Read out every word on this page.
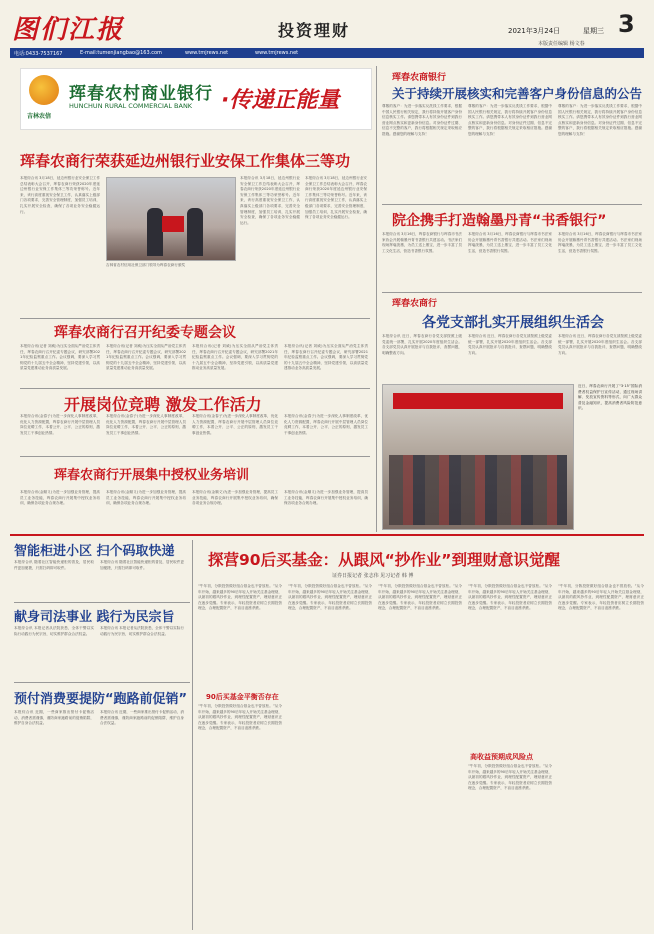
图们江报	投资理财	2021年3月24日	星期三 3
本版责任编辑 杨文春
电话:0433-7537167	E-mail:tumenjiangbao@163.com	www.tmjrews.net	www.tmjrews.net
吉林农信
珲春农村商业银行
HUNCHUN RURAL COMMERCIAL BANK ·传递正能量
珲春农商行荣获延边州银行业安保工作集体三等功
本报综合讯 3月18日，延边州银行业安全保卫工作总结表彰大会召开，珲春农商行荣获2020年度延边州银行业安保工作集体三等功荣誉称号。近年来，该行高度重视安全保卫工作，认真落实上级部门各项要求，完善安全管理制度，加强员工培训，扎实开展安全检查，确保了各项业务安全稳健运行。
吉林省农村信用社保卫部门领导为珲春农商行颁奖
本报综合讯 3月18日，延边州银行业安全保卫工作总结表彰大会召开，珲春农商行荣获2020年度延边州银行业安保工作集体三等功荣誉称号。近年来，该行高度重视安全保卫工作，认真落实上级部门各项要求，完善安全管理制度，加强员工培训，扎实开展安全检查，确保了各项业务安全稳健运行。
本报综合讯 3月18日，延边州银行业安全保卫工作总结表彰大会召开，珲春农商行荣获2020年度延边州银行业安保工作集体三等功荣誉称号。近年来，该行高度重视安全保卫工作，认真落实上级部门各项要求，完善安全管理制度，加强员工培训，扎实开展安全检查，确保了各项业务安全稳健运行。
珲春农商行召开纪委专题会议
本报综合讯(记者 刘威)为压实全面从严治党主体责任，珲春农商行召开纪委专题会议，研究部署2021年纪检监察重点工作。会议强调，要深入学习贯彻党的十九届五中全会精神，坚持党建引领，以高质量党建推动业务高质量发展。
本报综合讯(记者 刘威)为压实全面从严治党主体责任，珲春农商行召开纪委专题会议，研究部署2021年纪检监察重点工作。会议强调，要深入学习贯彻党的十九届五中全会精神，坚持党建引领，以高质量党建推动业务高质量发展。
本报综合讯(记者 刘威)为压实全面从严治党主体责任，珲春农商行召开纪委专题会议，研究部署2021年纪检监察重点工作。会议强调，要深入学习贯彻党的十九届五中全会精神，坚持党建引领，以高质量党建推动业务高质量发展。
本报综合讯(记者 刘威)为压实全面从严治党主体责任，珲春农商行召开纪委专题会议，研究部署2021年纪检监察重点工作。会议强调，要深入学习贯彻党的十九届五中全会精神，坚持党建引领，以高质量党建推动业务高质量发展。
开展岗位竞聘 激发工作活力
本报综合讯(金春子)为进一步深化人事制度改革，优化人力资源配置，珲春农商行开展中层管理人员岗位竞聘工作，本着公开、公平、公正的原则，激发员工干事创业热情。
本报综合讯(金春子)为进一步深化人事制度改革，优化人力资源配置，珲春农商行开展中层管理人员岗位竞聘工作，本着公开、公平、公正的原则，激发员工干事创业热情。
本报综合讯(金春子)为进一步深化人事制度改革，优化人力资源配置，珲春农商行开展中层管理人员岗位竞聘工作，本着公开、公平、公正的原则，激发员工干事创业热情。
本报综合讯(金春子)为进一步深化人事制度改革，优化人力资源配置，珲春农商行开展中层管理人员岗位竞聘工作，本着公开、公平、公正的原则，激发员工干事创业热情。
珲春农商行开展集中授权业务培训
本报综合讯(金顺义)为进一步加强业务管理，提高员工业务技能，珲春农商行开展集中授权业务培训，确保各项业务合规办理。
本报综合讯(金顺义)为进一步加强业务管理，提高员工业务技能，珲春农商行开展集中授权业务培训，确保各项业务合规办理。
本报综合讯(金顺义)为进一步加强业务管理，提高员工业务技能，珲春农商行开展集中授权业务培训，确保各项业务合规办理。
本报综合讯(金顺义)为进一步加强业务管理，提高员工业务技能，珲春农商行开展集中授权业务培训，确保各项业务合规办理。
珲春农商银行
关于持续开展核实和完善客户身份信息的公告
尊敬的客户：为进一步落实反洗钱工作要求，根据中国人民银行相关规定，我行将持续开展客户身份信息核实工作。请您携带本人有效身份证件到我行营业网点核实和更新身份信息。对身份证件过期、信息不完整的客户，我行将根据相关规定采取相应措施。感谢您的理解与支持！
尊敬的客户：为进一步落实反洗钱工作要求，根据中国人民银行相关规定，我行将持续开展客户身份信息核实工作。请您携带本人有效身份证件到我行营业网点核实和更新身份信息。对身份证件过期、信息不完整的客户，我行将根据相关规定采取相应措施。感谢您的理解与支持！
尊敬的客户：为进一步落实反洗钱工作要求，根据中国人民银行相关规定，我行将持续开展客户身份信息核实工作。请您携带本人有效身份证件到我行营业网点核实和更新身份信息。对身份证件过期、信息不完整的客户，我行将根据相关规定采取相应措施。感谢您的理解与支持！
院企携手打造翰墨丹青“书香银行”
本报综合讯 3月16日，珲春农商银行与珲春市书法家协会开展翰墨丹青书香银行共建活动。书法家们现场挥毫泼墨，为员工送上墨宝，进一步丰富了员工文化生活，营造书香银行氛围。
本报综合讯 3月16日，珲春农商银行与珲春市书法家协会开展翰墨丹青书香银行共建活动。书法家们现场挥毫泼墨，为员工送上墨宝，进一步丰富了员工文化生活，营造书香银行氛围。
本报综合讯 3月16日，珲春农商银行与珲春市书法家协会开展翰墨丹青书香银行共建活动。书法家们现场挥毫泼墨，为员工送上墨宝，进一步丰富了员工文化生活，营造书香银行氛围。
珲春农商行
各党支部扎实开展组织生活会
本报综合讯 近日，珲春农商行各党支部按照上级党委统一部署，扎实开展2020年度组织生活会。各支部党员认真开展批评与自我批评，查摆问题，明确整改方向。
本报综合讯 近日，珲春农商行各党支部按照上级党委统一部署，扎实开展2020年度组织生活会。各支部党员认真开展批评与自我批评，查摆问题，明确整改方向。
本报综合讯 近日，珲春农商行各党支部按照上级党委统一部署，扎实开展2020年度组织生活会。各支部党员认真开展批评与自我批评，查摆问题，明确整改方向。
近日，珲春农商行开展了“3·15”国际消费者权益保护日宣传活动，通过现场讲解、发放宣传资料等形式，向广大群众普及金融知识，提高消费者风险防范意识。
智能柜进小区 扫个码取快递
本报综合讯 随着社区智能快递柜的普及，居民取件更加便捷，只需扫码即可取件。
本报综合讯 随着社区智能快递柜的普及，居民取件更加便捷，只需扫码即可取件。
献身司法事业 践行为民宗旨
本报综合讯 本报记者从法院获悉，全体干警以实际行动践行为民宗旨，切实维护群众合法权益。
本报综合讯 本报记者从法院获悉，全体干警以实际行动践行为民宗旨，切实维护群众合法权益。
预付消费要提防“跑路前促销”
本报综合讯 近期，一些商家推出预付卡促销活动，消费者需谨慎，谨防商家跑路前的促销陷阱，维护自身合法权益。
本报综合讯 近期，一些商家推出预付卡促销活动，消费者需谨慎，谨防商家跑路前的促销陷阱，维护自身合法权益。
探营90后买基金：从跟风“抄作业”到理财意识觉醒
证券日报记者 张志伟 见习记者 韩 博
“牛年初，分散投资做好组合基金也不曾放松。”从今年开始，越来越多的90后年轻人开始关注基金理财，从最初的跟风抄作业，到理性配置资产，理财意识正在逐步觉醒。专家表示，年轻投资者应树立长期投资理念，合理配置资产，不盲目追涨杀跌。
90后买基金平衡否存在
“牛年初，分散投资做好组合基金也不曾放松。”从今年开始，越来越多的90后年轻人开始关注基金理财，从最初的跟风抄作业，到理性配置资产，理财意识正在逐步觉醒。专家表示，年轻投资者应树立长期投资理念，合理配置资产，不盲目追涨杀跌。
“牛年初，分散投资做好组合基金也不曾放松。”从今年开始，越来越多的90后年轻人开始关注基金理财，从最初的跟风抄作业，到理性配置资产，理财意识正在逐步觉醒。专家表示，年轻投资者应树立长期投资理念，合理配置资产，不盲目追涨杀跌。
“牛年初，分散投资做好组合基金也不曾放松。”从今年开始，越来越多的90后年轻人开始关注基金理财，从最初的跟风抄作业，到理性配置资产，理财意识正在逐步觉醒。专家表示，年轻投资者应树立长期投资理念，合理配置资产，不盲目追涨杀跌。
高收益预期成风险点
“牛年初，分散投资做好组合基金也不曾放松。”从今年开始，越来越多的90后年轻人开始关注基金理财，从最初的跟风抄作业，到理性配置资产，理财意识正在逐步觉醒。专家表示，年轻投资者应树立长期投资理念，合理配置资产，不盲目追涨杀跌。
“牛年初，分散投资做好组合基金也不曾放松。”从今年开始，越来越多的90后年轻人开始关注基金理财，从最初的跟风抄作业，到理性配置资产，理财意识正在逐步觉醒。专家表示，年轻投资者应树立长期投资理念，合理配置资产，不盲目追涨杀跌。
“牛年初，分散投资做好组合基金也不曾放松。”从今年开始，越来越多的90后年轻人开始关注基金理财，从最初的跟风抄作业，到理性配置资产，理财意识正在逐步觉醒。专家表示，年轻投资者应树立长期投资理念，合理配置资产，不盲目追涨杀跌。
